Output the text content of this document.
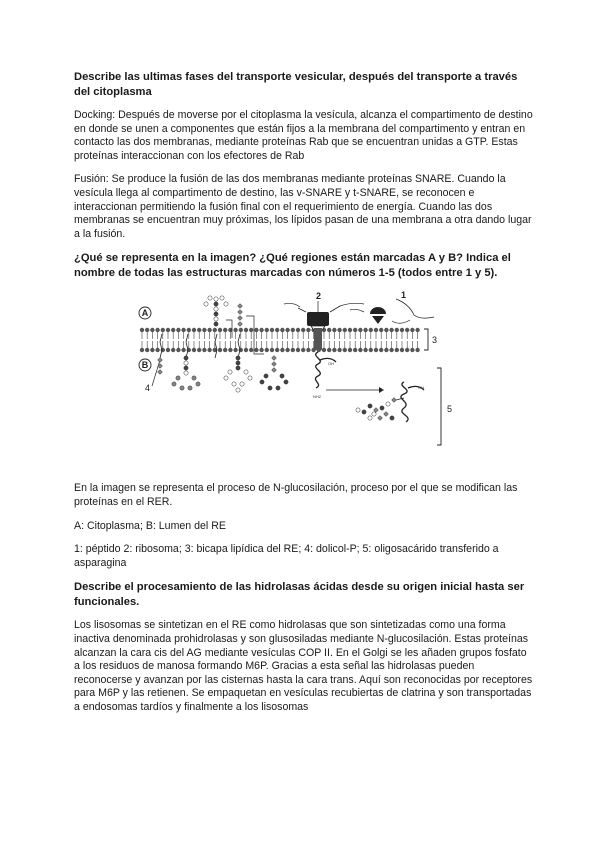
Describe las ultimas fases del transporte vesicular, después del transporte a través del citoplasma

Docking: Después de moverse por el citoplasma la vesícula, alcanza el compartimento de destino en donde se unen a componentes que están fijos a la membrana del compartimento y entran en contacto las dos membranas, mediante proteínas Rab que se encuentran unidas a GTP. Estas proteínas interaccionan con los efectores de Rab

Fusión: Se produce la fusión de las dos membranas mediante proteínas SNARE. Cuando la vesícula llega al compartimento de destino, las v-SNARE y t-SNARE, se reconocen e interaccionan permitiendo la fusión final con el requerimiento de energía. Cuando las dos membranas se encuentran muy próximas, los lípidos pasan de una membrana a otra dando lugar a la fusión.

¿Qué se representa en la imagen? ¿Qué regiones están marcadas A y B? Indica el nombre de todas las estructuras marcadas con números 1-5 (todos entre 1 y 5).

A
B
3
4
2	1
OH
NH2
OH
5

En la imagen se representa el proceso de N-glucosilación, proceso por el que se modifican las proteínas en el RER.

A: Citoplasma; B: Lumen del RE

1: péptido 2: ribosoma; 3: bicapa lipídica del RE; 4: dolicol-P; 5: oligosacárido transferido a asparagina

Describe el procesamiento de las hidrolasas ácidas desde su origen inicial hasta ser funcionales.

Los lisosomas se sintetizan en el RE como hidrolasas que son sintetizadas como una forma inactiva denominada prohidrolasas y son glusosiladas mediante N-glucosilación. Estas proteínas alcanzan la cara cis del AG mediante vesículas COP II. En el Golgi se les añaden grupos fosfato a los residuos de manosa formando M6P. Gracias a esta señal las hidrolasas pueden reconocerse y avanzan por las cisternas hasta la cara trans. Aquí son reconocidas por receptores para M6P y las retienen. Se empaquetan en vesículas recubiertas de clatrina y son transportadas a endosomas tardíos y finalmente a los lisosomas
